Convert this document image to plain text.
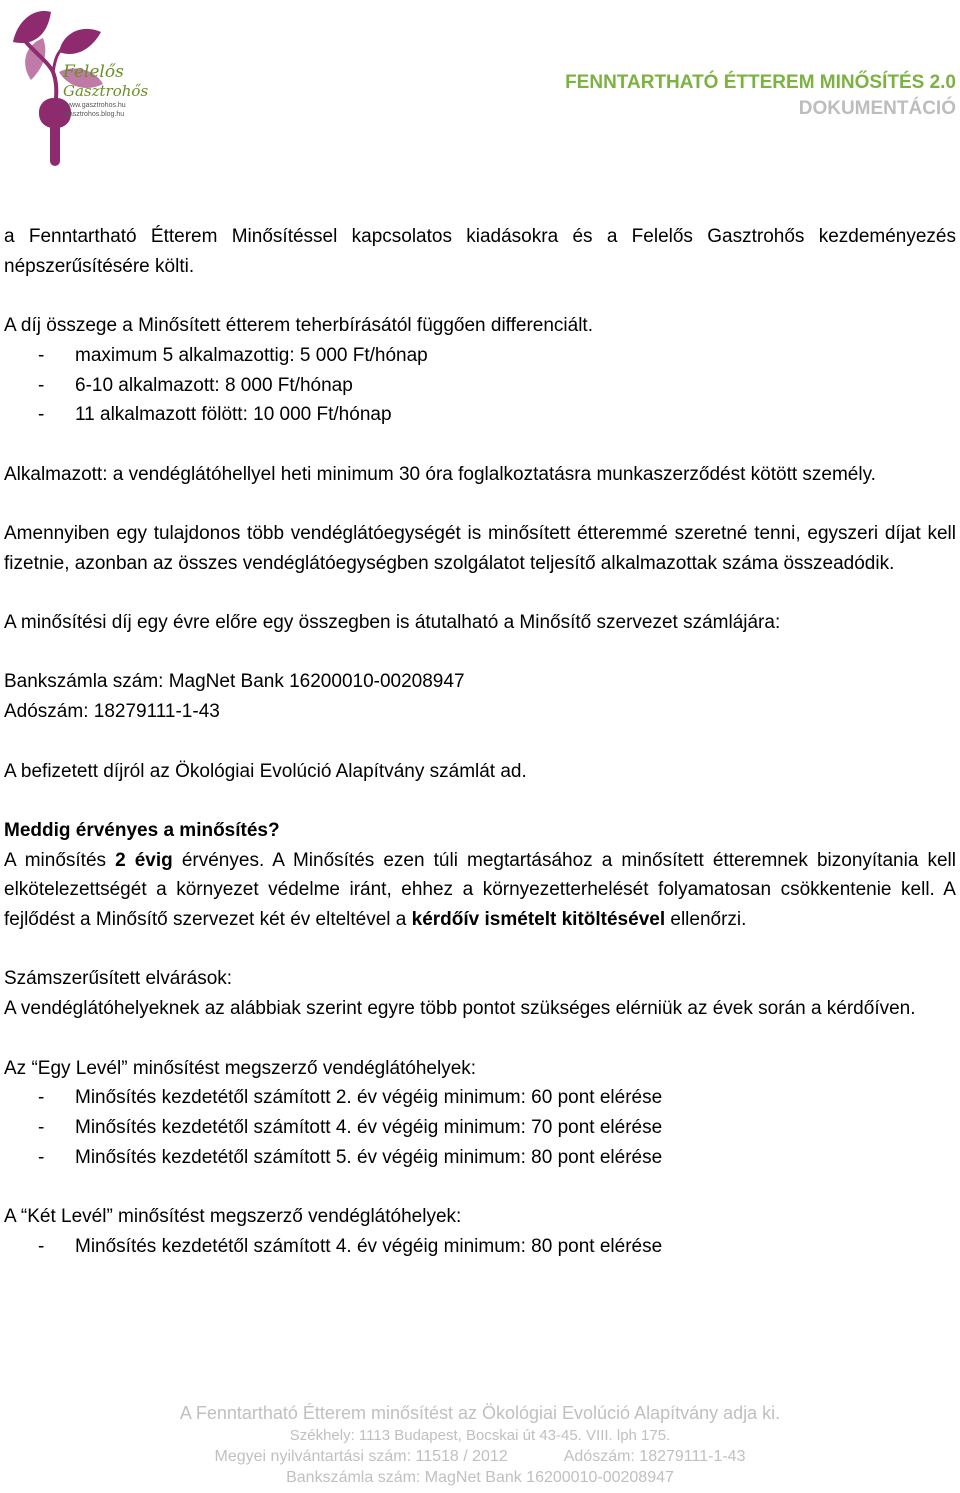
Felelős
Gasztrohős
www.gasztrohos.hu
gasztrohos.blog.hu
FENNTARTHATÓ ÉTTEREM MINŐSÍTÉS 2.0
DOKUMENTÁCIÓ

a Fenntartható Étterem Minősítéssel kapcsolatos kiadásokra és a Felelős Gasztrohős kezdeményezés népszerűsítésére költi.

A díj összege a Minősített étterem teherbírásától függően differenciált.

-	maximum 5 alkalmazottig: 5 000 Ft/hónap
-	6-10 alkalmazott: 8 000 Ft/hónap
-	11 alkalmazott fölött: 10 000 Ft/hónap

Alkalmazott: a vendéglátóhellyel heti minimum 30 óra foglalkoztatásra munkaszerződést kötött személy.

Amennyiben egy tulajdonos több vendéglátóegységét is minősített étteremmé szeretné tenni, egyszeri díjat kell fizetnie, azonban az összes vendéglátóegységben szolgálatot teljesítő alkalmazottak száma összeadódik.

A minősítési díj egy évre előre egy összegben is átutalható a Minősítő szervezet számlájára:

Bankszámla szám: MagNet Bank 16200010-00208947

Adószám: 18279111-1-43

A befizetett díjról az Ökológiai Evolúció Alapítvány számlát ad.

Meddig érvényes a minősítés?

A minősítés 2 évig érvényes. A Minősítés ezen túli megtartásához a minősített étteremnek bizonyítania kell elkötelezettségét a környezet védelme iránt, ehhez a környezetterhelését folyamatosan csökkentenie kell. A fejlődést a Minősítő szervezet két év elteltével a kérdőív ismételt kitöltésével ellenőrzi.

Számszerűsített elvárások:

A vendéglátóhelyeknek az alábbiak szerint egyre több pontot szükséges elérniük az évek során a kérdőíven.

Az “Egy Levél” minősítést megszerző vendéglátóhelyek:

-	Minősítés kezdetétől számított 2. év végéig minimum: 60 pont elérése
-	Minősítés kezdetétől számított 4. év végéig minimum: 70 pont elérése
-	Minősítés kezdetétől számított 5. év végéig minimum: 80 pont elérése

A “Két Levél” minősítést megszerző vendéglátóhelyek:

-	Minősítés kezdetétől számított 4. év végéig minimum: 80 pont elérése
A Fenntartható Étterem minősítést az Ökológiai Evolúció Alapítvány adja ki.
Székhely: 1113 Budapest, Bocskai út 43-45. VIII. lph 175.
Megyei nyilvántartási szám: 11518 / 2012	Adószám: 18279111-1-43
Bankszámla szám: MagNet Bank 16200010-00208947
